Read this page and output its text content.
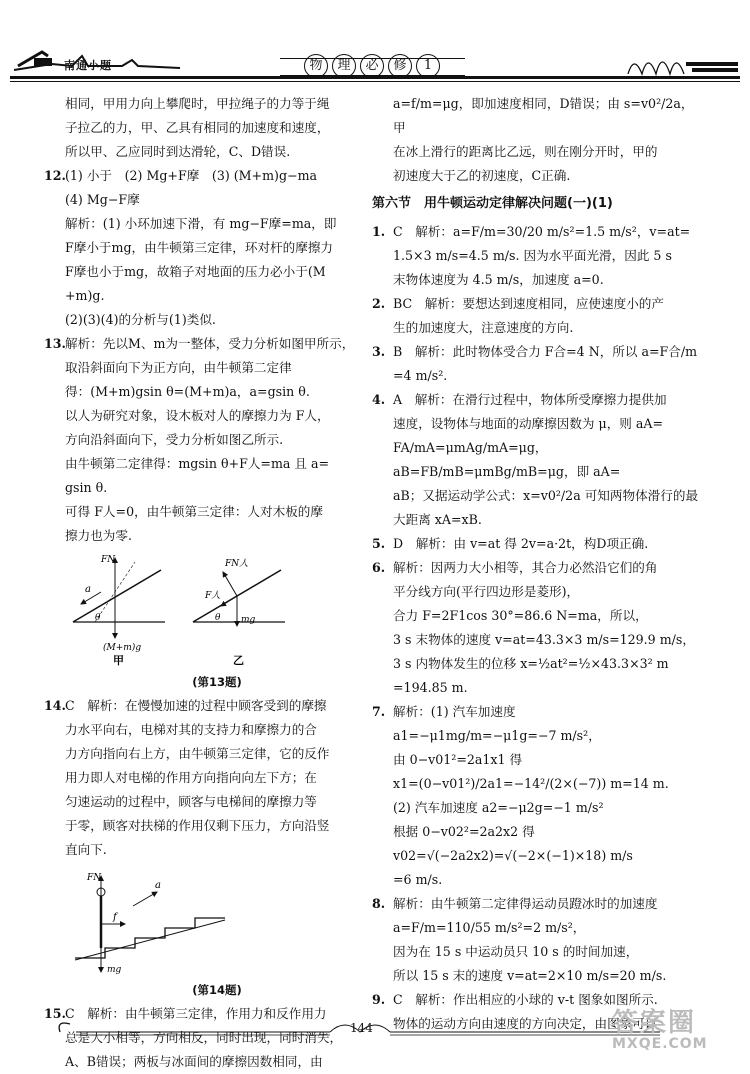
南通小题	物	理	必	修	1

相同，甲用力向上攀爬时，甲拉绳子的力等于绳

子拉乙的力，甲、乙具有相同的加速度和速度，

所以甲、乙应同时到达滑轮，C、D错误.

12.(1) 小于　(2) Mg+F摩　(3) (M+m)g−ma

(4) Mg−F摩

解析：(1) 小环加速下滑，有 mg−F摩=ma，即

F摩小于mg，由牛顿第三定律，环对杆的摩擦力

F摩也小于mg，故箱子对地面的压力必小于(M

+m)g.

(2)(3)(4)的分析与(1)类似.

13.解析：先以M、m为一整体，受力分析如图甲所示，

取沿斜面向下为正方向，由牛顿第二定律

得：(M+m)gsin θ=(M+m)a，a=gsin θ.

以人为研究对象，设木板对人的摩擦力为 F人，

方向沿斜面向下，受力分析如图乙所示.

由牛顿第二定律得：mgsin θ+F人=ma 且 a=

gsin θ.

可得 F人=0，由牛顿第三定律：人对木板的摩

擦力也为零.

FN
a
θ
(M+m)g
甲
FN人
F人
θ mg
乙

(第13题)

14.C　解析：在慢慢加速的过程中顾客受到的摩擦

力水平向右，电梯对其的支持力和摩擦力的合

力方向指向右上方，由牛顿第三定律，它的反作

用力即人对电梯的作用方向指向向左下方；在

匀速运动的过程中，顾客与电梯间的摩擦力等

于零，顾客对扶梯的作用仅剩下压力，方向沿竖

直向下.

FN
a
f
mg

(第14题)

15.C　解析：由牛顿第三定律，作用力和反作用力

总是大小相等，方向相反，同时出现，同时消失，

A、B错误；两板与冰面间的摩擦因数相同，由

a=f/m=μg，即加速度相同，D错误；由 s=v0²/2a，甲

在冰上滑行的距离比乙远，则在刚分开时，甲的

初速度大于乙的初速度，C正确.

第六节　用牛顿运动定律解决问题(一)(1)

1. C　解析：a=F/m=30/20 m/s²=1.5 m/s²，v=at=

1.5×3 m/s=4.5 m/s. 因为水平面光滑，因此 5 s

末物体速度为 4.5 m/s，加速度 a=0.

2. BC　解析：要想达到速度相同，应使速度小的产

生的加速度大，注意速度的方向.

3. B　解析：此时物体受合力 F合=4 N，所以 a=F合/m

=4 m/s².

4. A　解析：在滑行过程中，物体所受摩擦力提供加

速度，设物体与地面的动摩擦因数为 μ，则 aA=

FA/mA=μmAg/mA=μg，aB=FB/mB=μmBg/mB=μg，即 aA=

aB；又据运动学公式：x=v0²/2a 可知两物体滑行的最

大距离 xA=xB.

5. D　解析：由 v=at 得 2v=a·2t，构D项正确.

6. 解析：因两力大小相等，其合力必然沿它们的角

平分线方向(平行四边形是菱形)，

合力 F=2F1cos 30°=86.6 N=ma，所以，

3 s 末物体的速度 v=at=43.3×3 m/s=129.9 m/s，

3 s 内物体发生的位移 x=½at²=½×43.3×3² m

=194.85 m.

7. 解析：(1) 汽车加速度

a1=−μ1mg/m=−μ1g=−7 m/s²，

由 0−v01²=2a1x1 得

x1=(0−v01²)/2a1=−14²/(2×(−7)) m=14 m.

(2) 汽车加速度 a2=−μ2g=−1 m/s²

根据 0−v02²=2a2x2 得

v02=√(−2a2x2)=√(−2×(−1)×18) m/s

=6 m/s.

8. 解析：由牛顿第二定律得运动员蹬冰时的加速度

a=F/m=110/55 m/s²=2 m/s²，

因为在 15 s 中运动员只 10 s 的时间加速，

所以 15 s 末的速度 v=at=2×10 m/s=20 m/s.

9. C　解析：作出相应的小球的 v-t 图象如图所示.

物体的运动方向由速度的方向决定，由图象可以

144	答案圈
MXQE.COM
